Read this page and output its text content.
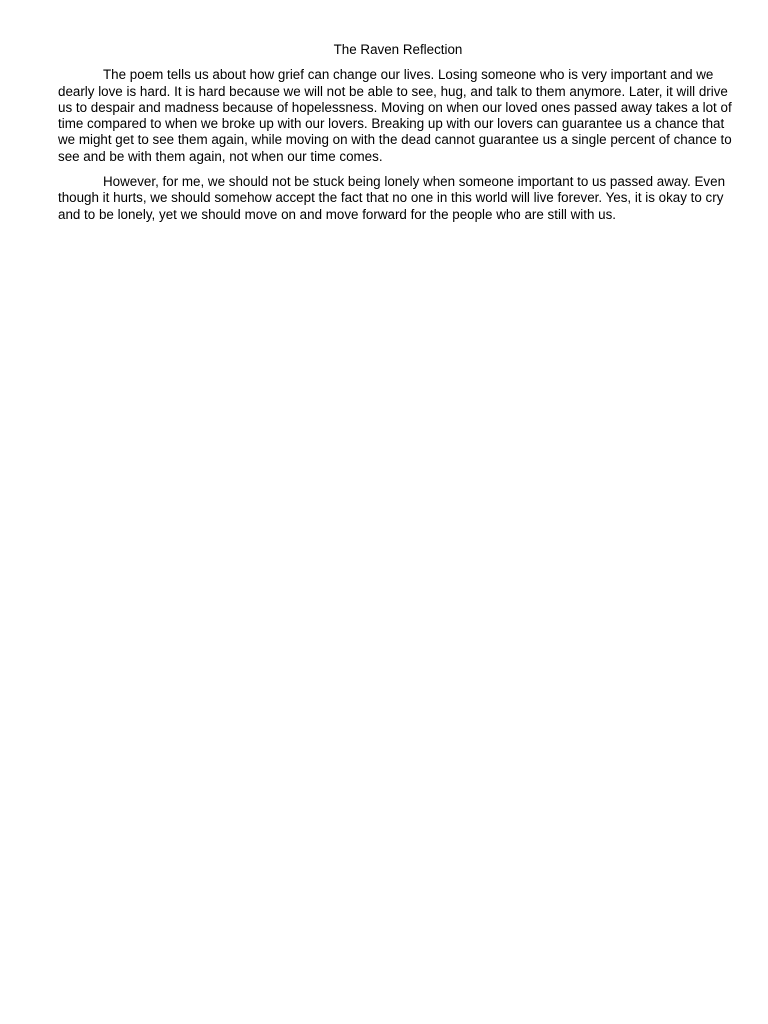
The Raven Reflection

The poem tells us about how grief can change our lives. Losing someone who is very important and we dearly love is hard. It is hard because we will not be able to see, hug, and talk to them anymore. Later, it will drive us to despair and madness because of hopelessness. Moving on when our loved ones passed away takes a lot of time compared to when we broke up with our lovers. Breaking up with our lovers can guarantee us a chance that we might get to see them again, while moving on with the dead cannot guarantee us a single percent of chance to see and be with them again, not when our time comes.

However, for me, we should not be stuck being lonely when someone important to us passed away. Even though it hurts, we should somehow accept the fact that no one in this world will live forever. Yes, it is okay to cry and to be lonely, yet we should move on and move forward for the people who are still with us.
